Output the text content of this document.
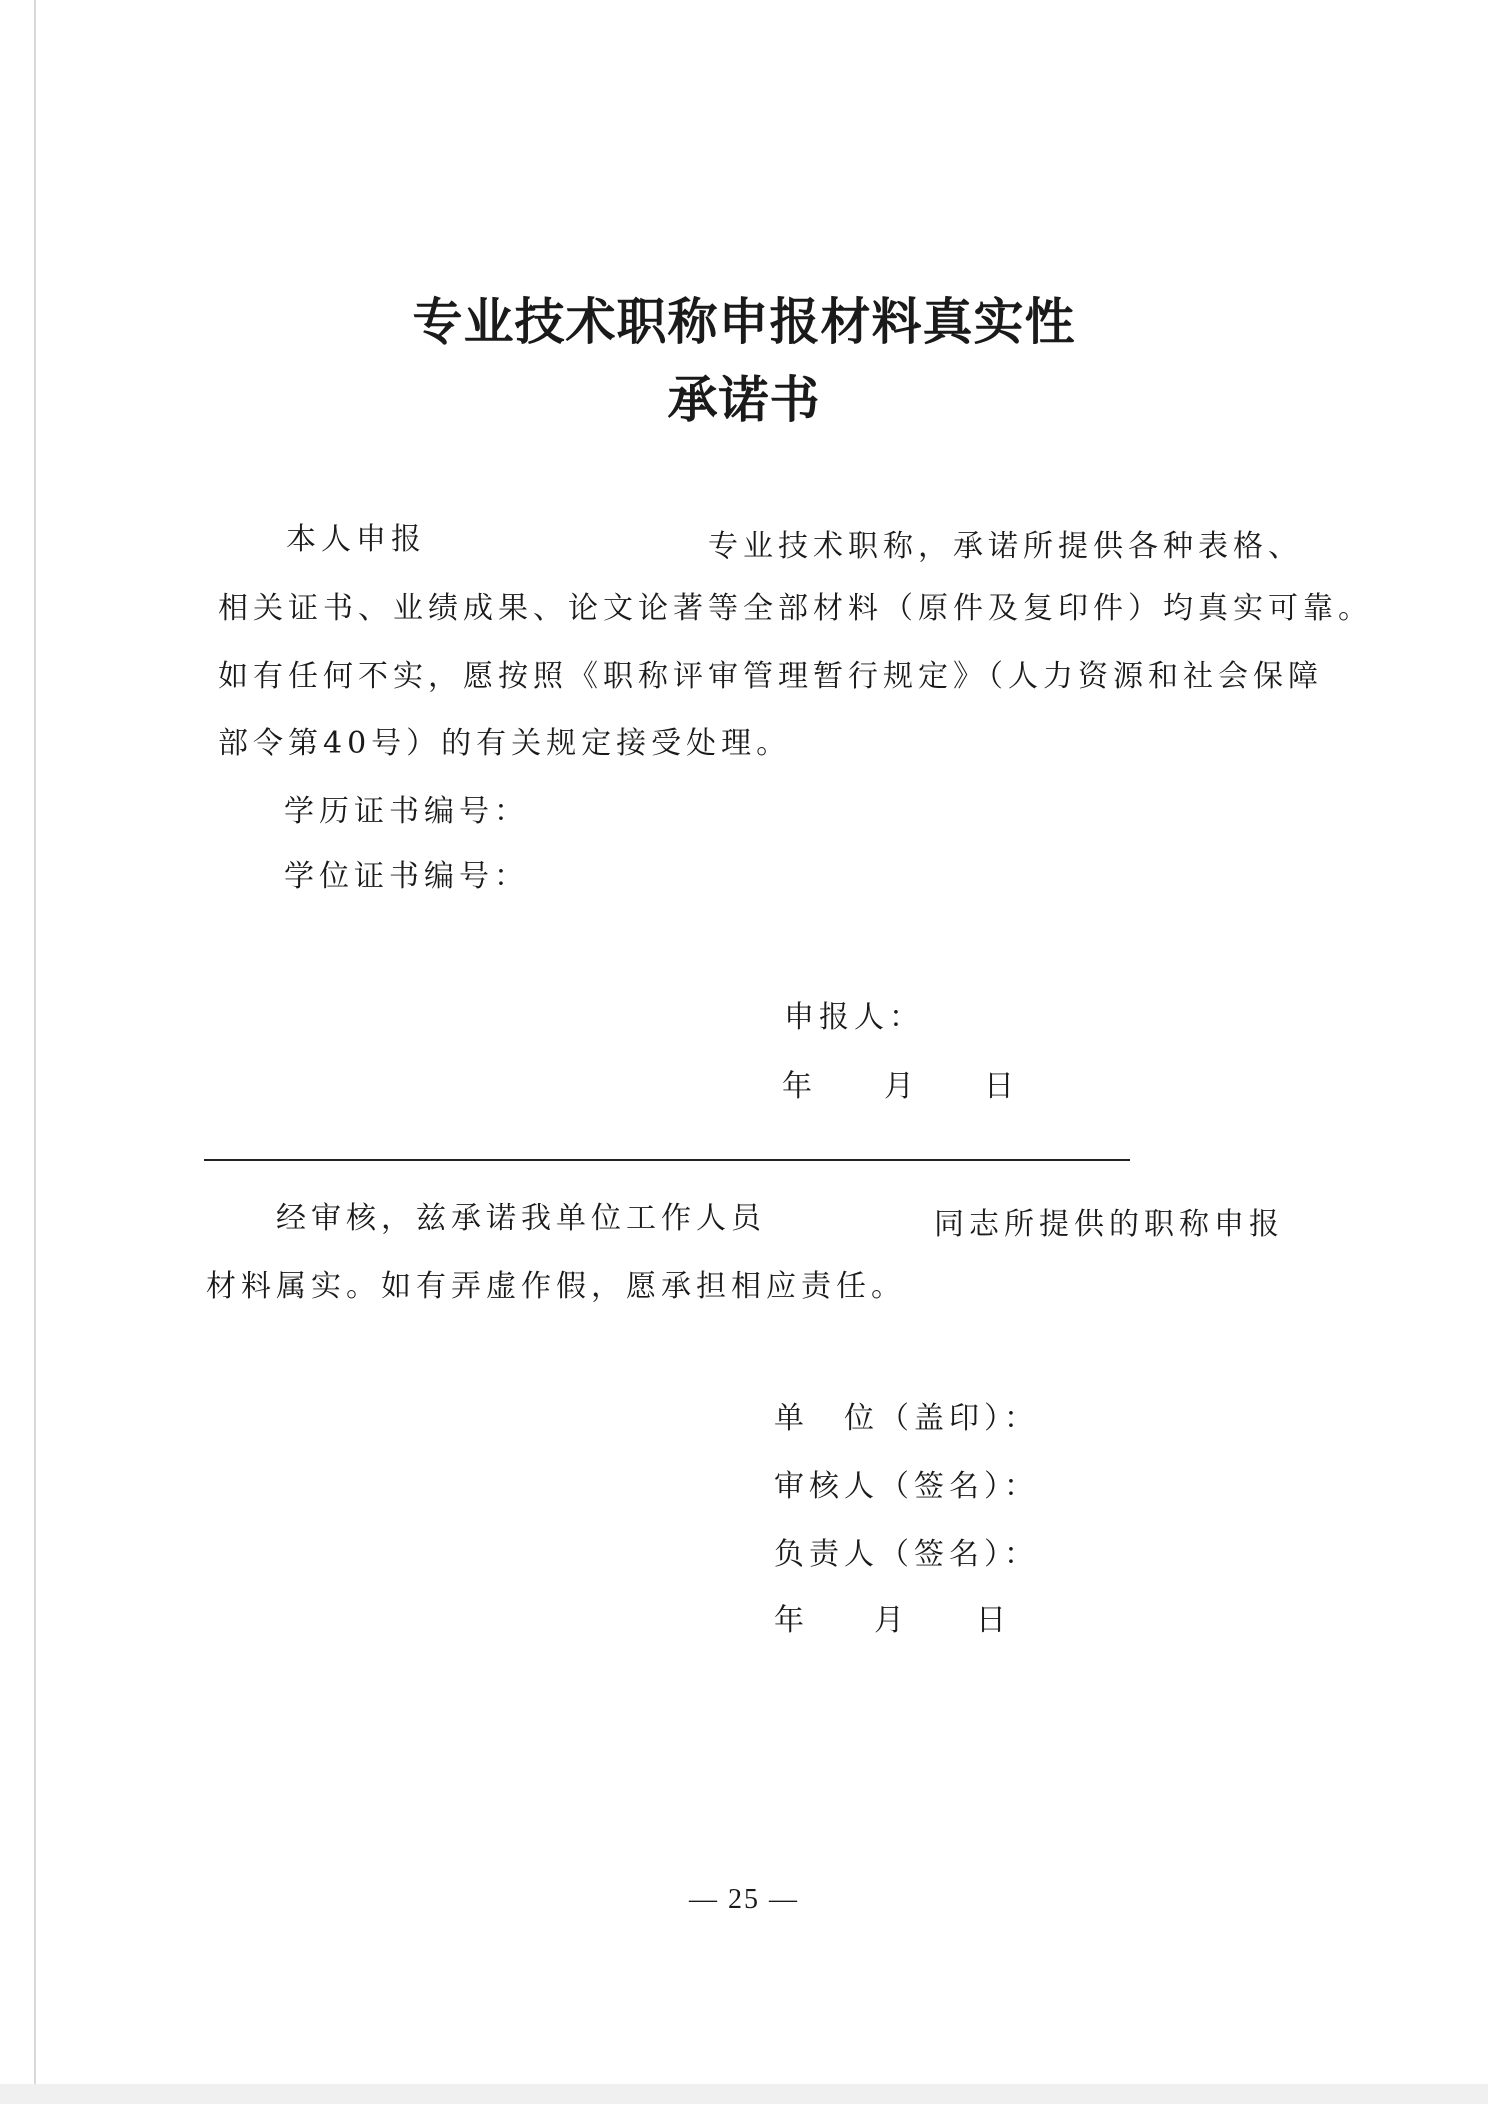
专业技术职称申报材料真实性
承诺书
本人申报	专业技术职称，承诺所提供各种表格、
相关证书、业绩成果、论文论著等全部材料（原件及复印件）均真实可靠。
如有任何不实，愿按照《职称评审管理暂行规定》（人力资源和社会保障
部令第40号）的有关规定接受处理。
学历证书编号：
学位证书编号：
申报人：
年 月 日
经审核，兹承诺我单位工作人员	同志所提供的职称申报
材料属实。如有弄虚作假，愿承担相应责任。
单　位（盖印）：
审核人（签名）：
负责人（签名）：
年 月 日
— 25 —
